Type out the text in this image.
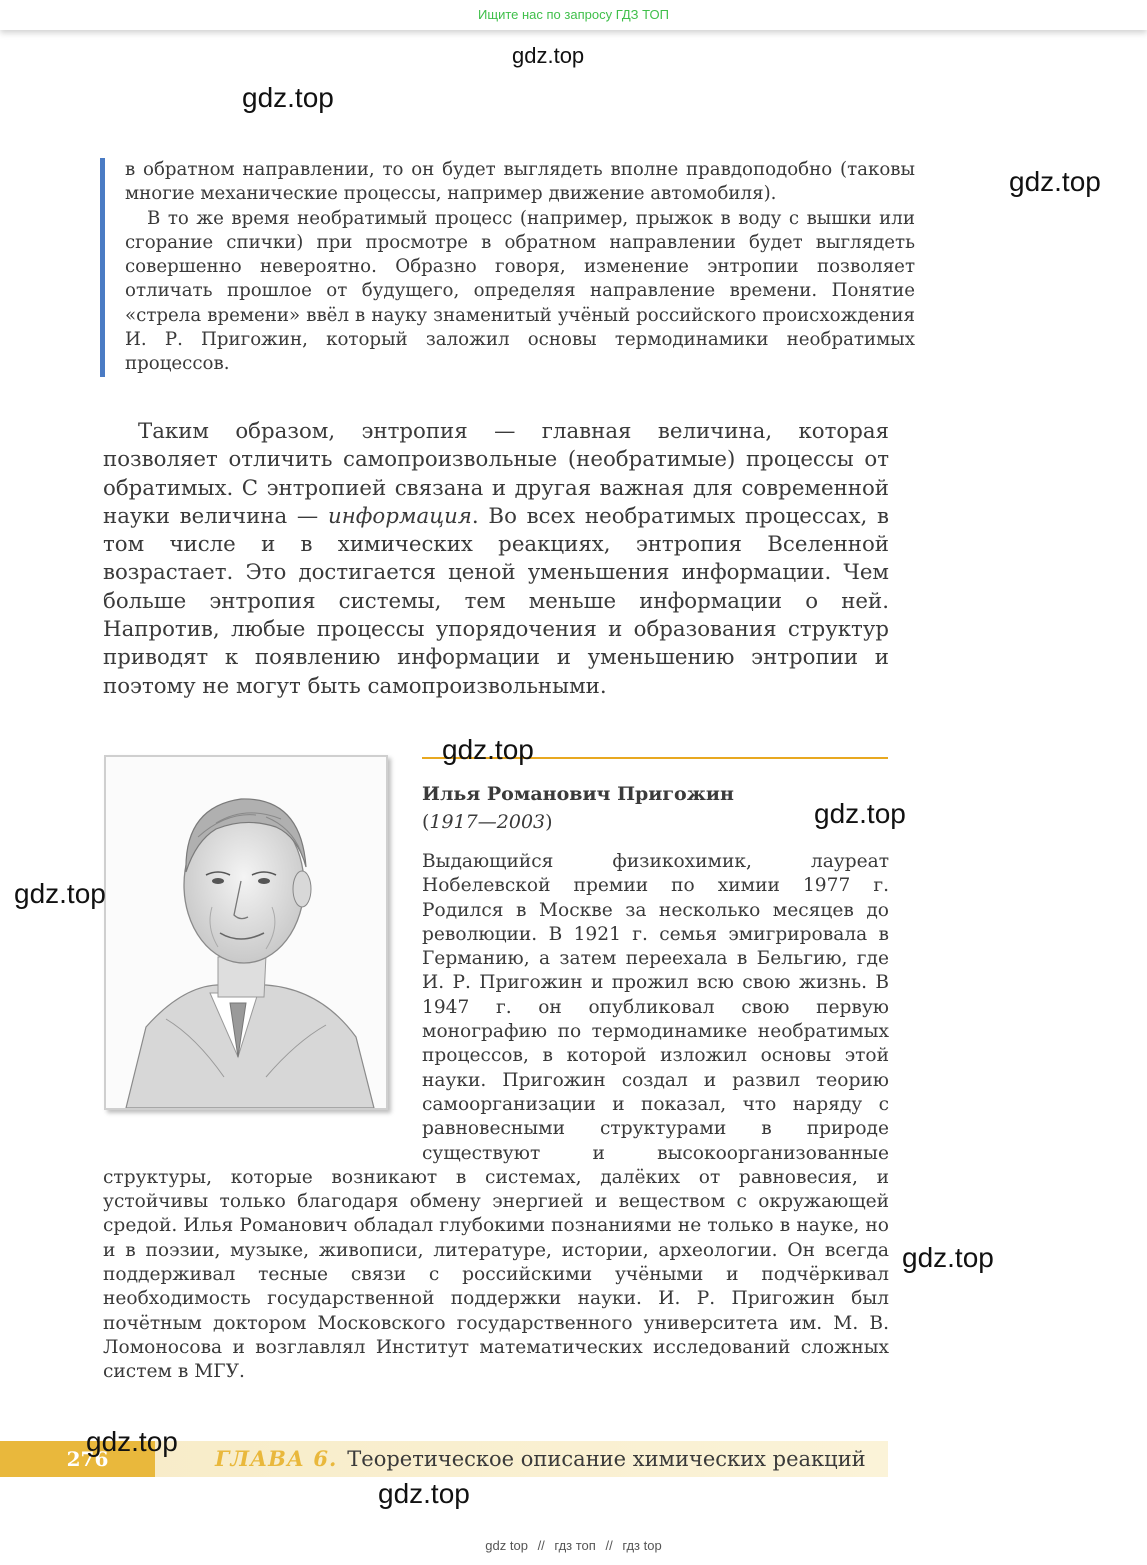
Ищите нас по запросу ГДЗ ТОП
gdz.top
gdz.top
gdz.top

в обратном направлении, то он будет выглядеть вполне правдоподобно (таковы многие механические процессы, например движение автомобиля).

В то же время необратимый процесс (например, прыжок в воду с вышки или сгорание спички) при просмотре в обратном направлении будет выглядеть совершенно невероятно. Образно говоря, изменение энтропии позволяет отличать прошлое от будущего, определяя направление времени. Понятие «стрела времени» ввёл в науку знаменитый учёный российского происхождения И. Р. Пригожин, который заложил основы термодинамики необратимых процессов.

Таким образом, энтропия — главная величина, которая позволяет отличить самопроизвольные (необратимые) процессы от обратимых. С энтропией связана и другая важная для современной науки величина — информация. Во всех необратимых процессах, в том числе и в химических реакциях, энтропия Вселенной возрастает. Это достигается ценой уменьшения информации. Чем больше энтропия системы, тем меньше информации о ней. Напротив, любые процессы упорядочения и образования структур приводят к появлению информации и уменьшению энтропии и поэтому не могут быть самопроизвольными.

gdz.top
Илья Романович Пригожин
(1917—2003)	gdz.top
gdz.top

Выдающийся физикохимик, лауреат Нобелевской премии по химии 1977 г. Родился в Москве за несколько месяцев до революции. В 1921 г. семья эмигрировала в Германию, а затем переехала в Бельгию, где И. Р. Пригожин и прожил всю свою жизнь. В 1947 г. он опубликовал свою первую монографию по термодинамике необратимых процессов, в которой изложил основы этой науки. Пригожин создал и развил теорию самоорганизации и показал, что наряду с равновесными структурами в природе существуют и высокоорганизованные структуры, которые возникают в системах, далёких от равновесия, и устойчивы только благодаря обмену энергией и веществом с окружающей средой. Илья Романович обладал глубокими познаниями не только в науке, но и в поэзии, музыке, живописи, литературе, истории, археологии. Он всегда поддерживал тесные связи с российскими учёными и подчёркивал необходимость государственной поддержки науки. И. Р. Пригожин был почётным доктором Московского государственного университета им. М. В. Ломоносова и возглавлял Институт математических исследований сложных систем в МГУ.

gdz.top
276	ГЛАВА 6. Теоретическое описание химических реакций
gdz.top
gdz.top
gdz top // гдз топ // гдз top
